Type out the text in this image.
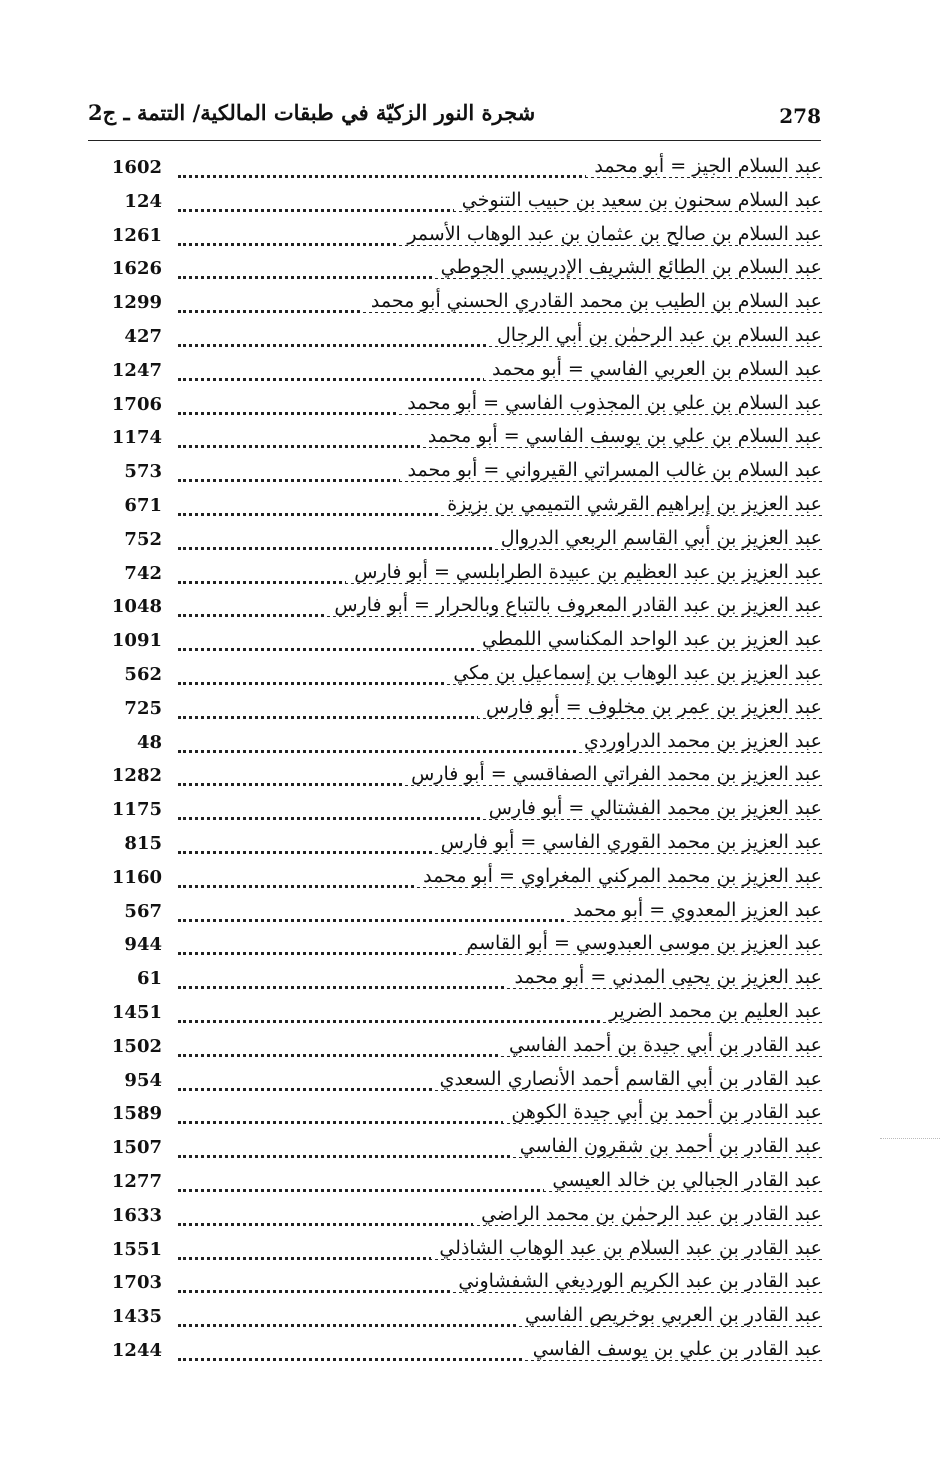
278
شجرة النور الزكيّة في طبقات المالكية/ التتمة ـ ج2
عبد السلام الجيز = أبو محمد
1602
عبد السلام سحنون بن سعيد بن حبيب التنوخي
124
عبد السلام بن صالح بن عثمان بن عبد الوهاب الأسمر
1261
عبد السلام بن الطائع الشريف الإدريسي الجوطي
1626
عبد السلام بن الطيب بن محمد القادري الحسني أبو محمد
1299
عبد السلام بن عبد الرحمٰن بن أبي الرجال
427
عبد السلام بن العربي الفاسي = أبو محمد
1247
عبد السلام بن علي بن المجذوب الفاسي = أبو محمد
1706
عبد السلام بن علي بن يوسف الفاسي = أبو محمد
1174
عبد السلام بن غالب المسراتي القيرواني = أبو محمد
573
عبد العزيز بن إبراهيم القرشي التميمي بن بزيزة
671
عبد العزيز بن أبي القاسم الربعي الدروال
752
عبد العزيز بن عبد العظيم بن عبيدة الطرابلسي = أبو فارس
742
عبد العزيز بن عبد القادر المعروف بالتباع وبالحرار = أبو فارس
1048
عبد العزيز بن عبد الواحد المكناسي اللمطي
1091
عبد العزيز بن عبد الوهاب بن إسماعيل بن مكي
562
عبد العزيز بن عمر بن مخلوف = أبو فارس
725
عبد العزيز بن محمد الدراوردي
48
عبد العزيز بن محمد الفراتي الصفاقسي = أبو فارس
1282
عبد العزيز بن محمد الفشتالي = أبو فارس
1175
عبد العزيز بن محمد القوري الفاسي = أبو فارس
815
عبد العزيز بن محمد المركني المغراوي = أبو محمد
1160
عبد العزيز المعدوي = أبو محمد
567
عبد العزيز بن موسى العبدوسي = أبو القاسم
944
عبد العزيز بن يحيى المدني = أبو محمد
61
عبد العليم بن محمد الضرير
1451
عبد القادر بن أبي جيدة بن أحمد الفاسي
1502
عبد القادر بن أبي القاسم أحمد الأنصاري السعدي
954
عبد القادر بن أحمد بن أبي جيدة الكوهن
1589
عبد القادر بن أحمد بن شقرون الفاسي
1507
عبد القادر الجبالي بن خالد العيسي
1277
عبد القادر بن عبد الرحمٰن بن محمد الراضي
1633
عبد القادر بن عبد السلام بن عبد الوهاب الشاذلي
1551
عبد القادر بن عبد الكريم الورديغي الشفشاوني
1703
عبد القادر بن العربي بوخريص الفاسي
1435
عبد القادر بن علي بن يوسف الفاسي
1244
